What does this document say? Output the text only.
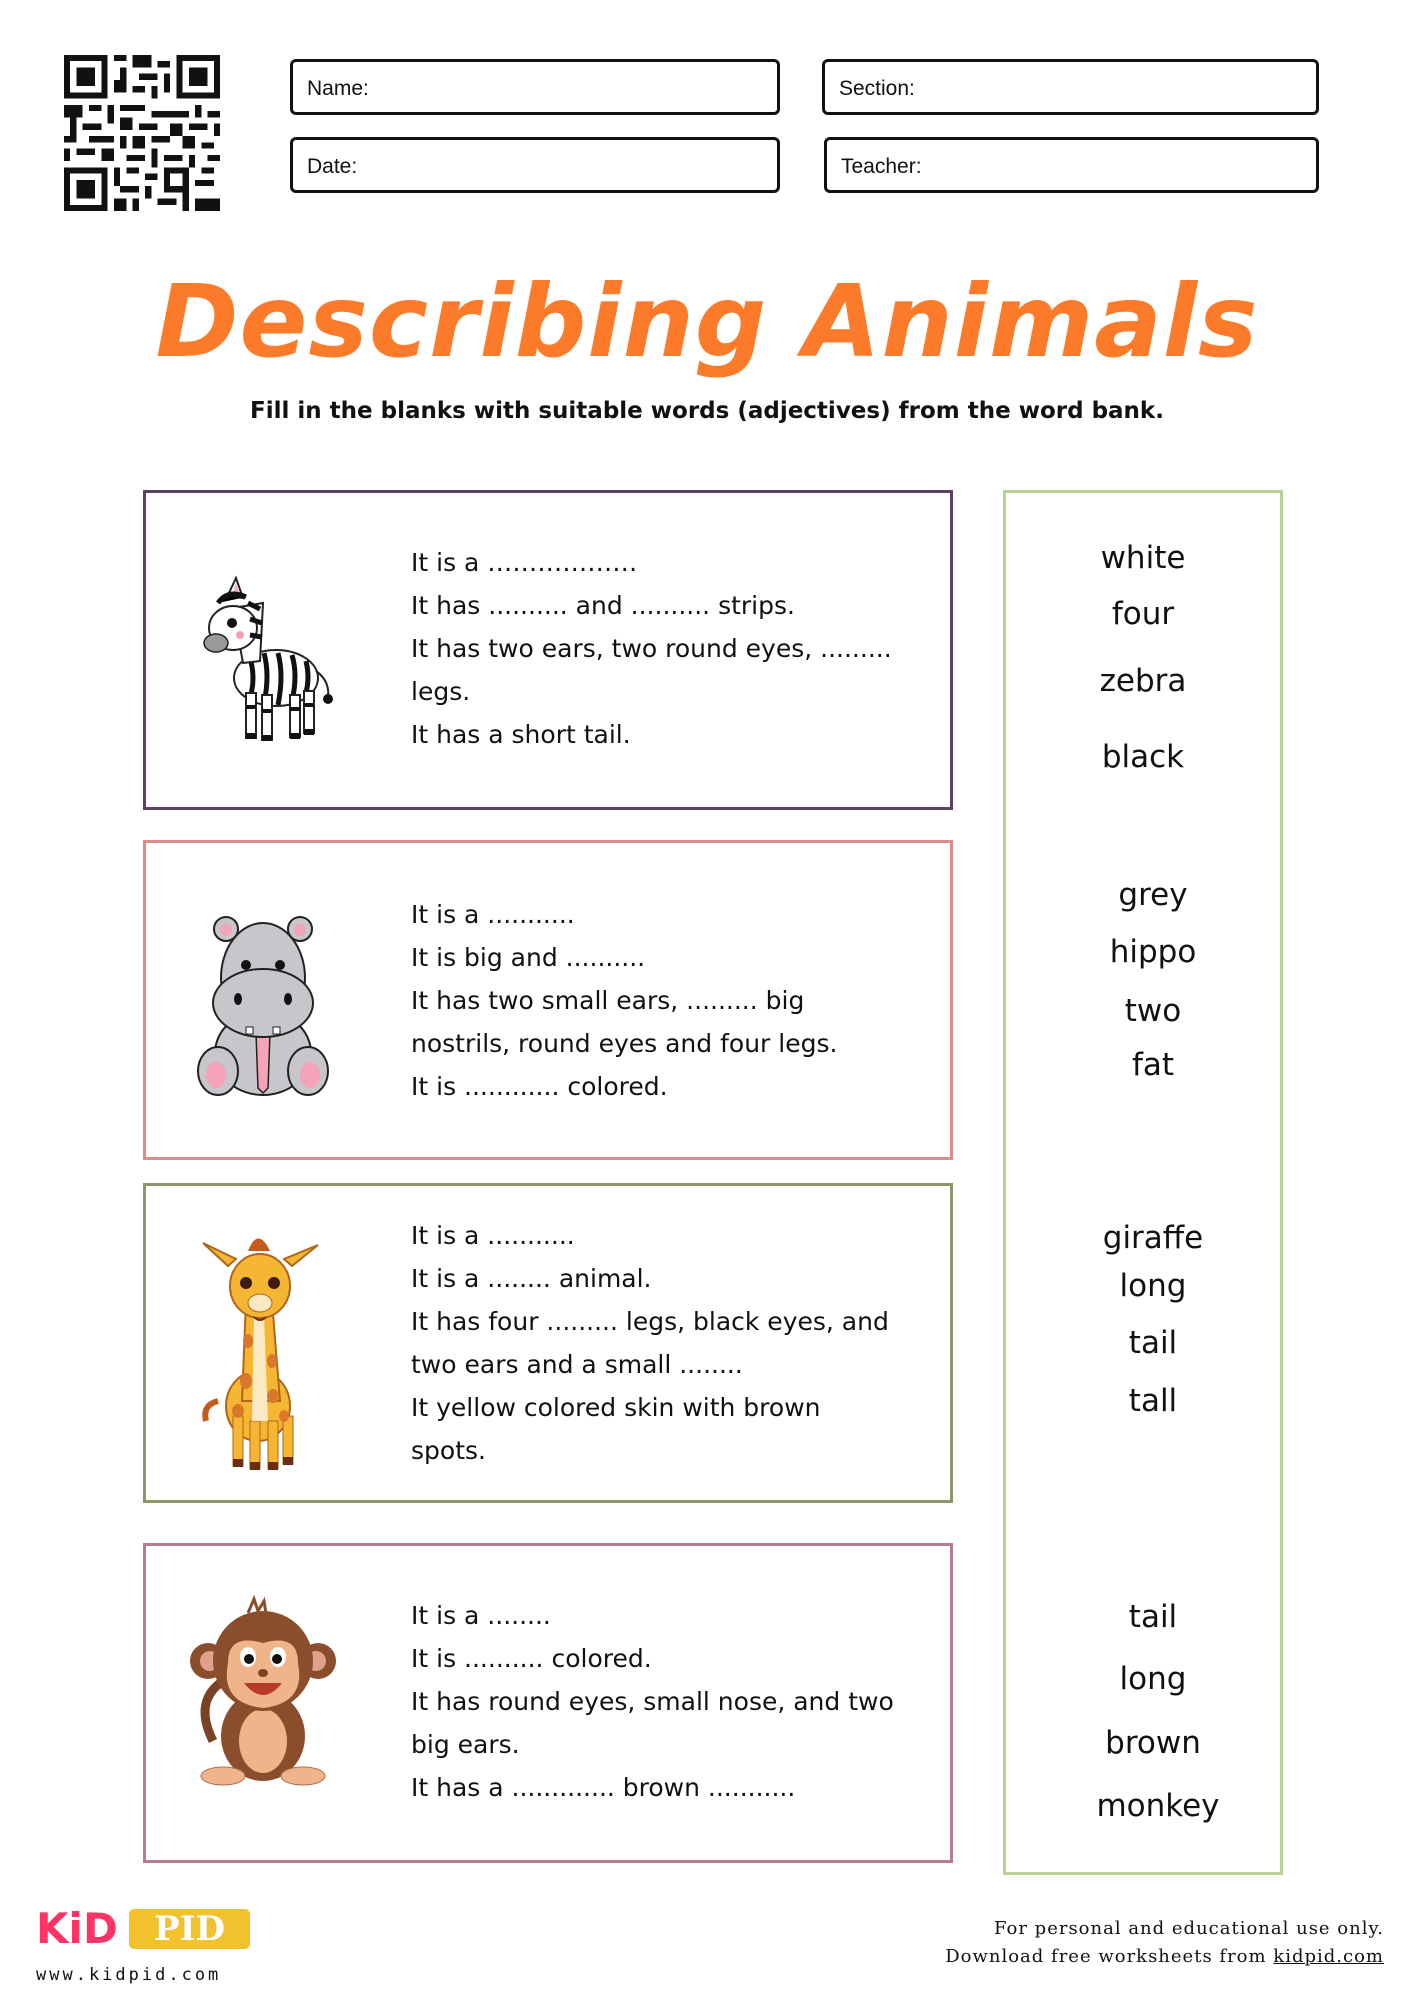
Name:	Section:
Date:	Teacher:
Describing Animals
Fill in the blanks with suitable words (adjectives) from the word bank.
It is a ………………
It has .......... and .......... strips.
It has two ears, two round eyes, .........
legs.
It has a short tail.
It is a ...........
It is big and ..........
It has two small ears, ......... big
nostrils, round eyes and four legs.
It is ............ colored.
It is a ...........
It is a ........ animal.
It has four ......... legs, black eyes, and
two ears and a small ........
It yellow colored skin with brown
spots.
It is a ........
It is .......... colored.
It has round eyes, small nose, and two
big ears.
It has a ............. brown ...........
white
four
zebra
black
grey
hippo
two
fat
giraffe
long
tail
tall
tail
long
brown
monkey
KiD	PID
www.kidpid.com
For personal and educational use only.
Download free worksheets from kidpid.com
